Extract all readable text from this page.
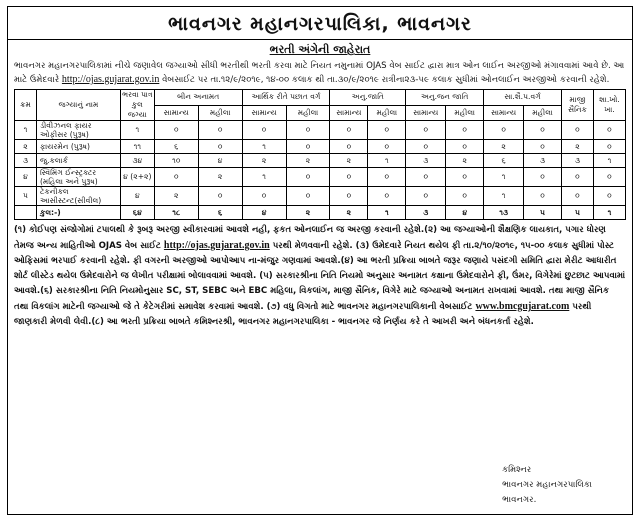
ભાવનગર મહાનગરપાલિકા, ભાવનગર
ભરતી અંગેની જાહેરાત
ભાવનગર મહાનગરપાલિકામાં નીચે જણાવેલ જગ્યાઓ સીધી ભરતીથી ભરતી કરવા માટે નિયત નમુનામાં OJAS વેબ સાઈટ દ્વારા માત્ર ઓન લાઈન અરજીઓ મંગાવવામાં આવે છે. આ માટે ઉમેદવારે http://ojas.gujarat.gov.in વેબસાઈટ પર તા.૧૨/૯/૨૦૧૯, ૧૪-૦૦ કલાક થી તા.૩૦/૯/૨૦૧૯ રાત્રીના૨૩-૫૯ કલાક સુધીમાં ઓનલાઈન અરજીઓ કરવાની રહેશે.
ક્રમ	જગ્યાનું નામ	ભરવા પાત્ર કુલ જગ્યા	બીન અનામત		આર્થિક રીતે પછાત વર્ગ		અનુ.જાતિ		અનુ.જન જાતિ		સા.શૈ.પ.વર્ગ		માજી સૈનિક	શા.ખો. ખા.
			સામાન્ય	મહીલા	સામાન્ય	મહીલા	સામાન્ય	મહીલા	સામાન્ય	મહીલા	સામાન્ય	મહીલા		
૧	ડીવીઝનલ ફાયર ઓફીસર (પુરૂષ)	૧	૦	૦	૦	૦	૦	૦	૦	૦	૦	૦	૦	૦
૨	ફાયરમેન (પુરૂષ)	૧૧	૬	૦	૧	૦	૦	૦	૦	૦	૨	૦	૨	૦
૩	જુ.કલાર્ક	૩૪	૧૦	૪	૨	૨	૨	૧	૩	૨	૬	૩	૩	૧
૪	સ્વિમિંગ ઈન્સ્ટ્રક્ટર (મહિલા અને પુરૂષ)	૪ (૨+૨)	૦	૨	૧	૦	૦	૦	૦	૦	૧	૦	૦	૦
૫	ટેકનીકલ આસીસ્ટન્ટ(સીવીલ)	૪	૨	૦	૦	૦	૦	૦	૦	૦	૧	૦	૦	૦
	કુલ:-)	૬૪	૧૮	૬	૪	૨	૨	૧	૩	૪	૧૩	૫	૫	૧
(૧) કોઈપણ સંજોગોમાં ટપાલથી કે રૂબરૂ અરજી સ્વીકારવામાં આવશે નહી, ફકત ઓનલાઈન જ અરજી કરવાની રહેશે.(૨) આ જગ્યાઓની શૈક્ષણિક લાયકાત, પગાર ધોરણ તેમજ અન્ય માહિતીઓ OJAS વેબ સાઈટ http://ojas.gujarat.gov.in પરથી મેળવવાની રહેશે. (૩) ઉમેદવારે નિયત થયેલ ફી તા.૨/૧૦/૨૦૧૯, ૧૫-૦૦ કલાક સુધીમાં પોસ્ટ ઓફિસમાં ભરપાઈ કરવાની રહેશે. ફી વગરની અરજીઓ આપોઆપ ના-મંજુર ગણવામાં આવશે.(૪) આ ભરતી પ્રક્રિયા બાબતે જરૂર જણાયે પસંદગી સમિતિ દ્વારા મેરીટ આધારીત શોર્ટ લીસ્ટેડ થયેલ ઉમેદવારોને જ લેખીત પરીક્ષામાં બોલાવવામાં આવશે. (૫) સરકારશ્રીના નિતિ નિયમો અનુસાર અનામત કક્ષાના ઉમેદવારોને ફી, ઉંમર, વિગેરેમાં છુટછાટ આપવામાં આવશે.(૬) સરકારશ્રીના નિતિ નિયમોનુસાર SC, ST, SEBC અને EBC મહિલા, વિકલાંગ, માજી સૈનિક, વિગેરે માટે જગ્યાઓ અનામત રાખવામાં આવશે. તથા માજી સૈનિક તથા વિકલાંગ માટેની જગ્યાઓ જે તે કેટેગરીમાં સમાવેશ કરવામાં આવશે. (૭) વધુ વિગતો માટે ભાવનગર મહાનગરપાલિકાની વેબસાઈટ www.bmcgujarat.com પરથી જાણકારી મેળવી લેવી.(૮) આ ભરતી પ્રક્રિયા બાબતે કમિશ્નરશ્રી, ભાવનગર મહાનગરપાલિકા - ભાવનગર જે નિર્ણય કરે તે આખરી અને બંધનકર્તા રહેશે.
કમિશ્નર
ભાવનગર મહાનગરપાલિકા
ભાવનગર.
